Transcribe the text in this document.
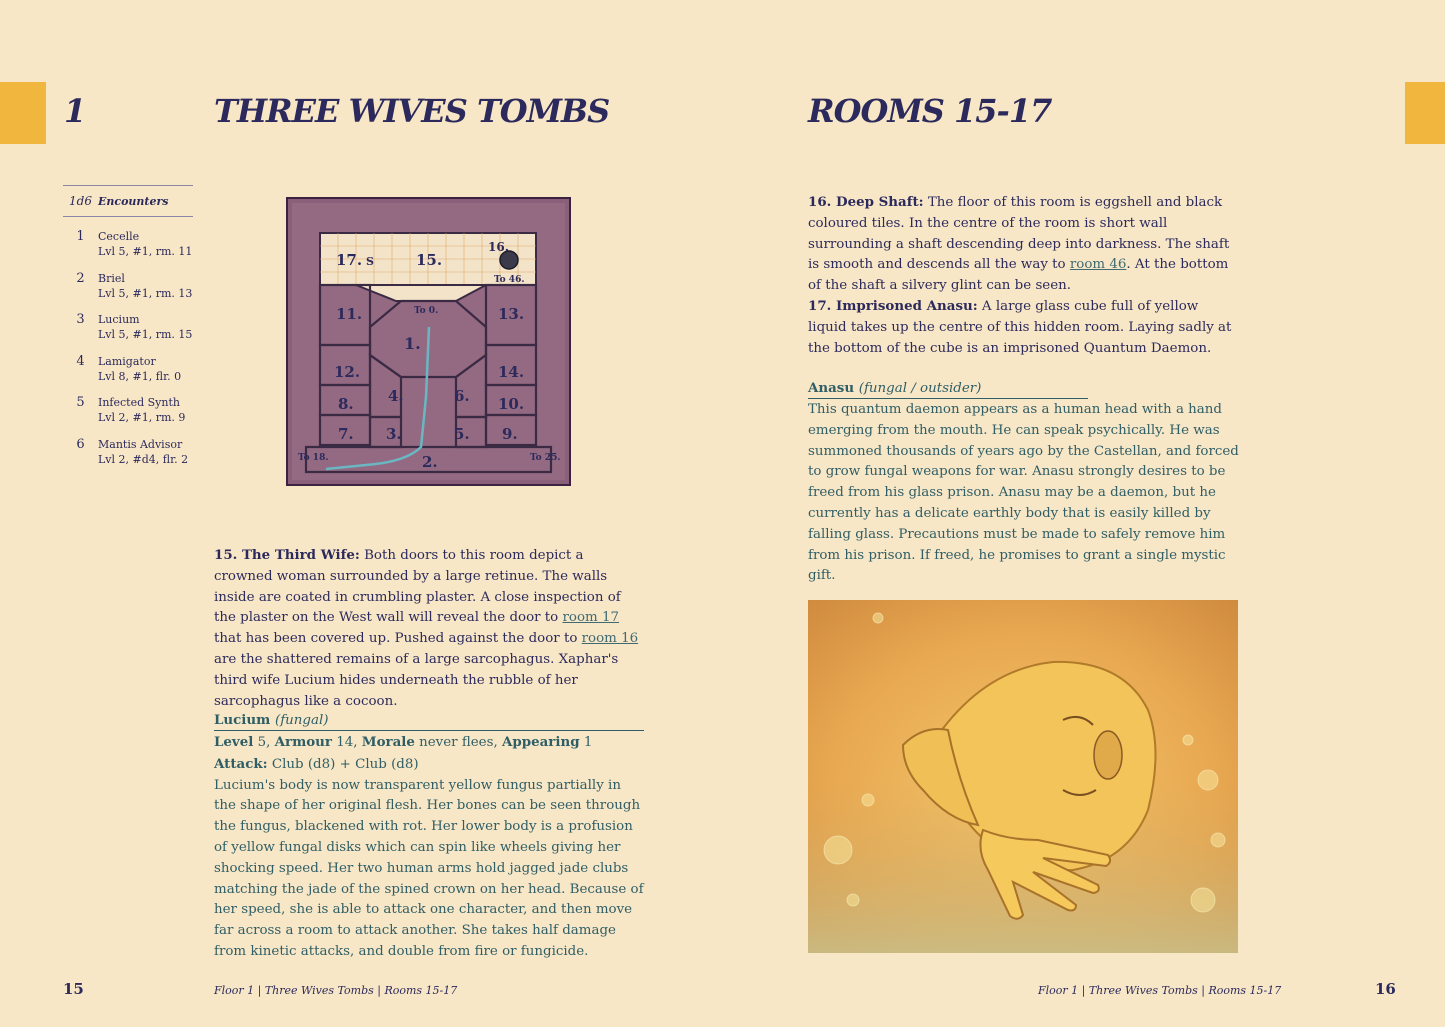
1	THREE WIVES TOMBS	ROOMS 15-17
1d6 Encounters
1	Cecelle
Lvl 5, #1, rm. 11
2	Briel
Lvl 5, #1, rm. 13
3	Lucium
Lvl 5, #1, rm. 15
4	Lamigator
Lvl 8, #1, flr. 0
5	Infected Synth
Lvl 2, #1, rm. 9
6	Mantis Advisor
Lvl 2, #d4, flr. 2
17. S	15.
16.
To 46.
11.	13.
To 0.
1.
12.	14.
4.	6.
8.	10.
7. 3.	5. 9.
2.
To 18.	To 25.
15. The Third Wife: Both doors to this room depict a crowned woman surrounded by a large retinue. The walls inside are coated in crumbling plaster. A close inspection of the plaster on the West wall will reveal the door to room 17 that has been covered up. Pushed against the door to room 16 are the shattered remains of a large sarcophagus. Xaphar's third wife Lucium hides underneath the rubble of her sarcophagus like a cocoon.
Lucium (fungal)
Level 5, Armour 14, Morale never flees, Appearing 1
Attack: Club (d8) + Club (d8)
Lucium's body is now transparent yellow fungus partially in the shape of her original flesh. Her bones can be seen through the fungus, blackened with rot. Her lower body is a profusion of yellow fungal disks which can spin like wheels giving her shocking speed. Her two human arms hold jagged jade clubs matching the jade of the spined crown on her head. Because of her speed, she is able to attack one character, and then move far across a room to attack another. She takes half damage from kinetic attacks, and double from fire or fungicide.
16. Deep Shaft: The floor of this room is eggshell and black coloured tiles. In the centre of the room is short wall surrounding a shaft descending deep into darkness. The shaft is smooth and descends all the way to room 46. At the bottom of the shaft a silvery glint can be seen.
17. Imprisoned Anasu: A large glass cube full of yellow liquid takes up the centre of this hidden room. Laying sadly at the bottom of the cube is an imprisoned Quantum Daemon.
Anasu (fungal / outsider)
This quantum daemon appears as a human head with a hand emerging from the mouth. He can speak psychically. He was summoned thousands of years ago by the Castellan, and forced to grow fungal weapons for war. Anasu strongly desires to be freed from his glass prison. Anasu may be a daemon, but he currently has a delicate earthly body that is easily killed by falling glass. Precautions must be made to safely remove him from his prison. If freed, he promises to grant a single mystic gift.
15	Floor 1 | Three Wives Tombs | Rooms 15-17	Floor 1 | Three Wives Tombs | Rooms 15-17	16
